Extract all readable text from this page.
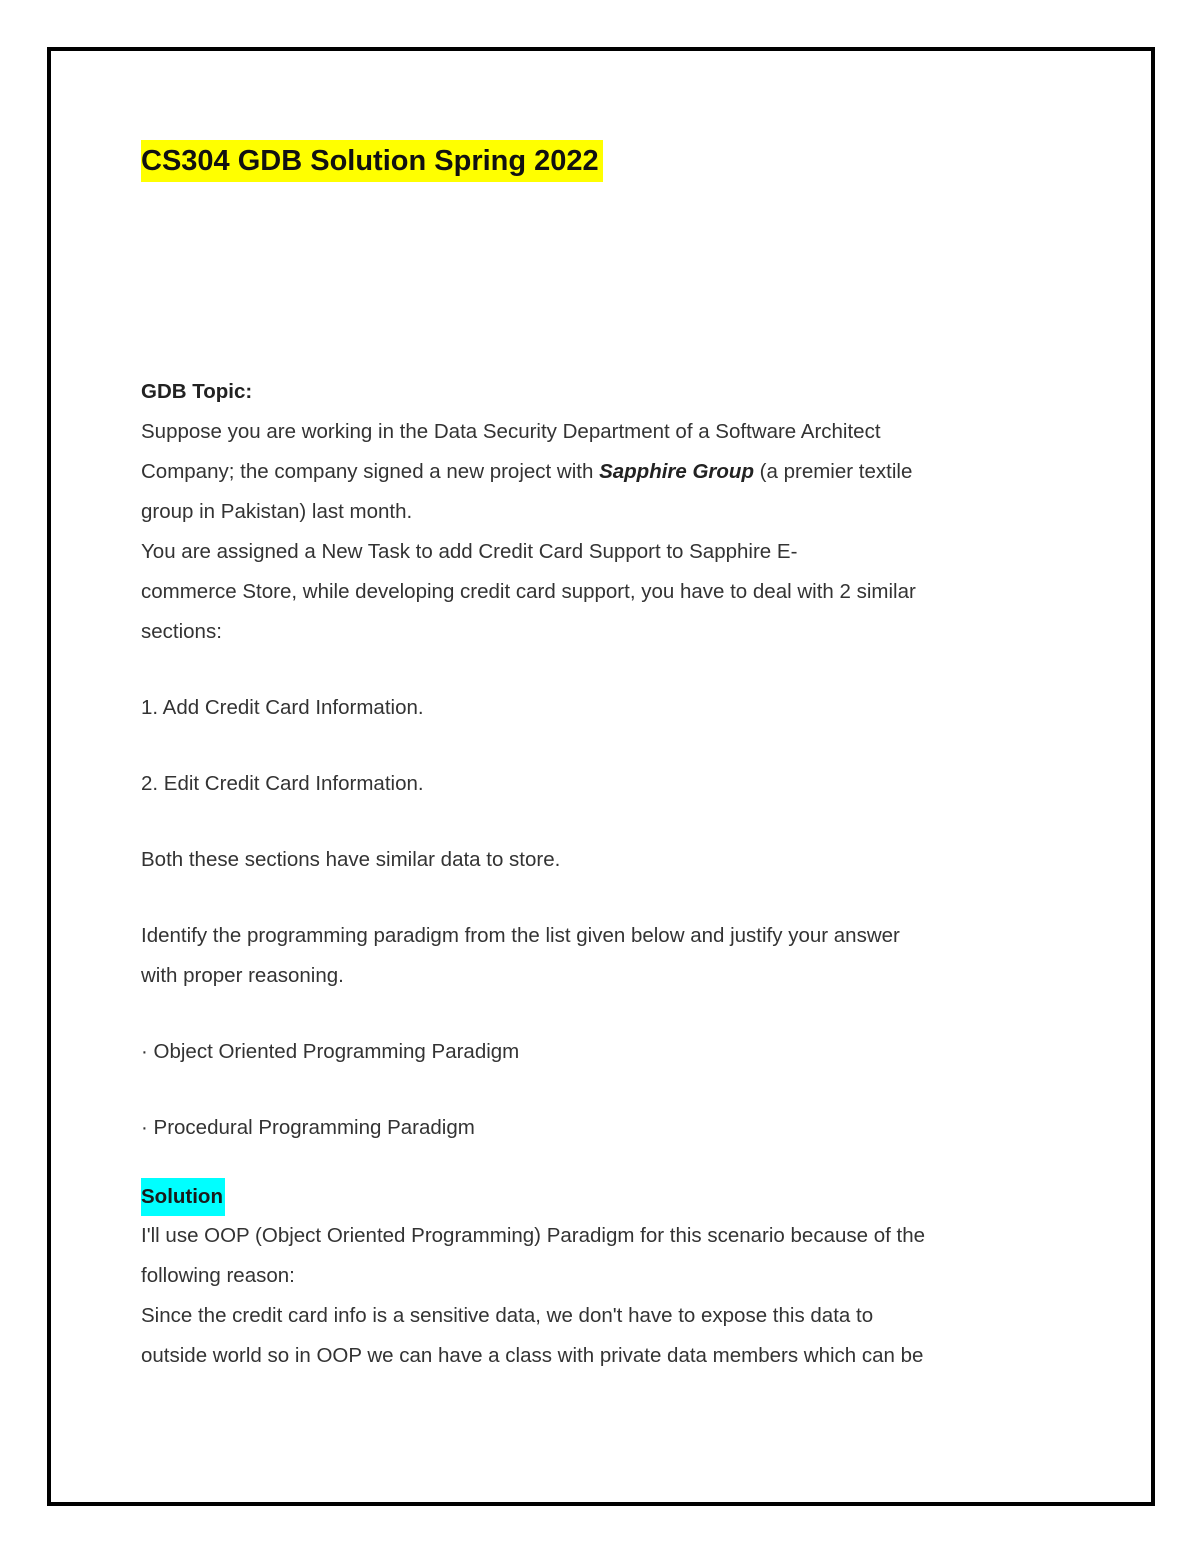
CS304 GDB Solution Spring 2022

GDB Topic:

Suppose you are working in the Data Security Department of a Software Architect

Company; the company signed a new project with Sapphire Group (a premier textile

group in Pakistan) last month.

You are assigned a New Task to add Credit Card Support to Sapphire E-

commerce Store, while developing credit card support, you have to deal with 2 similar

sections:

1. Add Credit Card Information.

2. Edit Credit Card Information.

Both these sections have similar data to store.

Identify the programming paradigm from the list given below and justify your answer

with proper reasoning.

· Object Oriented Programming Paradigm

· Procedural Programming Paradigm

Solution

I'll use OOP (Object Oriented Programming) Paradigm for this scenario because of the

following reason:

Since the credit card info is a sensitive data, we don't have to expose this data to

outside world so in OOP we can have a class with private data members which can be
